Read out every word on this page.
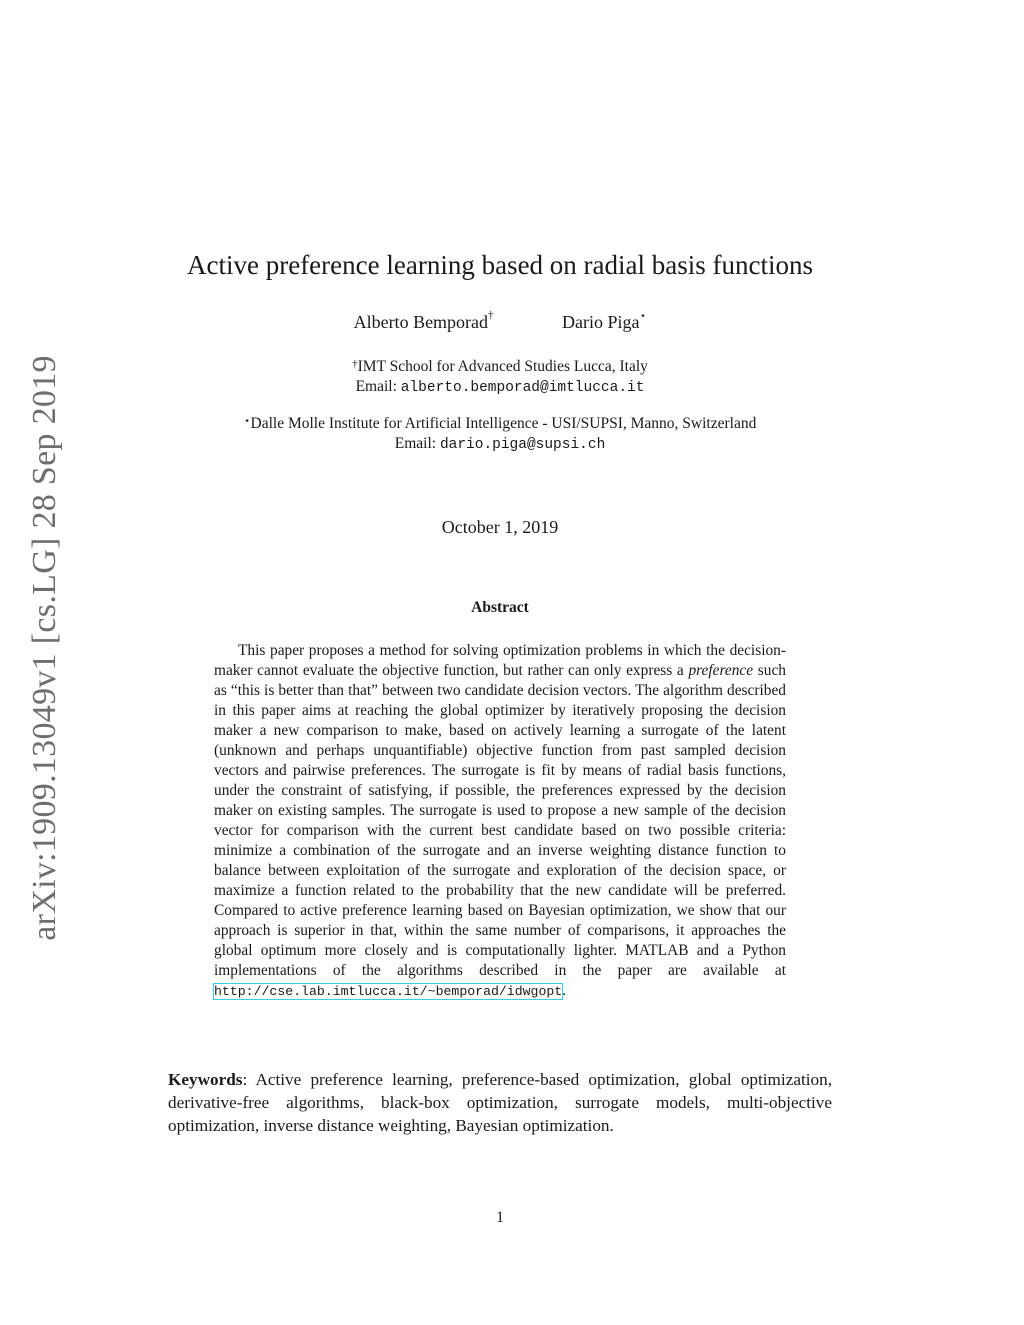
arXiv:1909.13049v1 [cs.LG] 28 Sep 2019
Active preference learning based on radial basis functions
Alberto Bemporad†	Dario Piga⋆
†IMT School for Advanced Studies Lucca, Italy
Email: alberto.bemporad@imtlucca.it
⋆Dalle Molle Institute for Artificial Intelligence - USI/SUPSI, Manno, Switzerland
Email: dario.piga@supsi.ch
October 1, 2019
Abstract

This paper proposes a method for solving optimization problems in which the decision-maker cannot evaluate the objective function, but rather can only express a preference such as “this is better than that” between two candidate decision vectors. The algorithm described in this paper aims at reaching the global optimizer by iteratively proposing the decision maker a new comparison to make, based on actively learning a surrogate of the latent (unknown and perhaps unquantifiable) objective function from past sampled decision vectors and pairwise preferences. The surrogate is fit by means of radial basis functions, under the constraint of satisfying, if possible, the preferences expressed by the decision maker on existing samples. The surrogate is used to propose a new sample of the decision vector for comparison with the current best candidate based on two possible criteria: minimize a combination of the surrogate and an inverse weighting distance function to balance between exploitation of the surrogate and exploration of the decision space, or maximize a function related to the probability that the new candidate will be preferred. Compared to active preference learning based on Bayesian optimization, we show that our approach is superior in that, within the same number of comparisons, it approaches the global optimum more closely and is computationally lighter. MATLAB and a Python implementations of the algorithms described in the paper are available at http://cse.lab.imtlucca.it/~bemporad/idwgopt.

Keywords: Active preference learning, preference-based optimization, global optimization, derivative-free algorithms, black-box optimization, surrogate models, multi-objective optimization, inverse distance weighting, Bayesian optimization.

1
